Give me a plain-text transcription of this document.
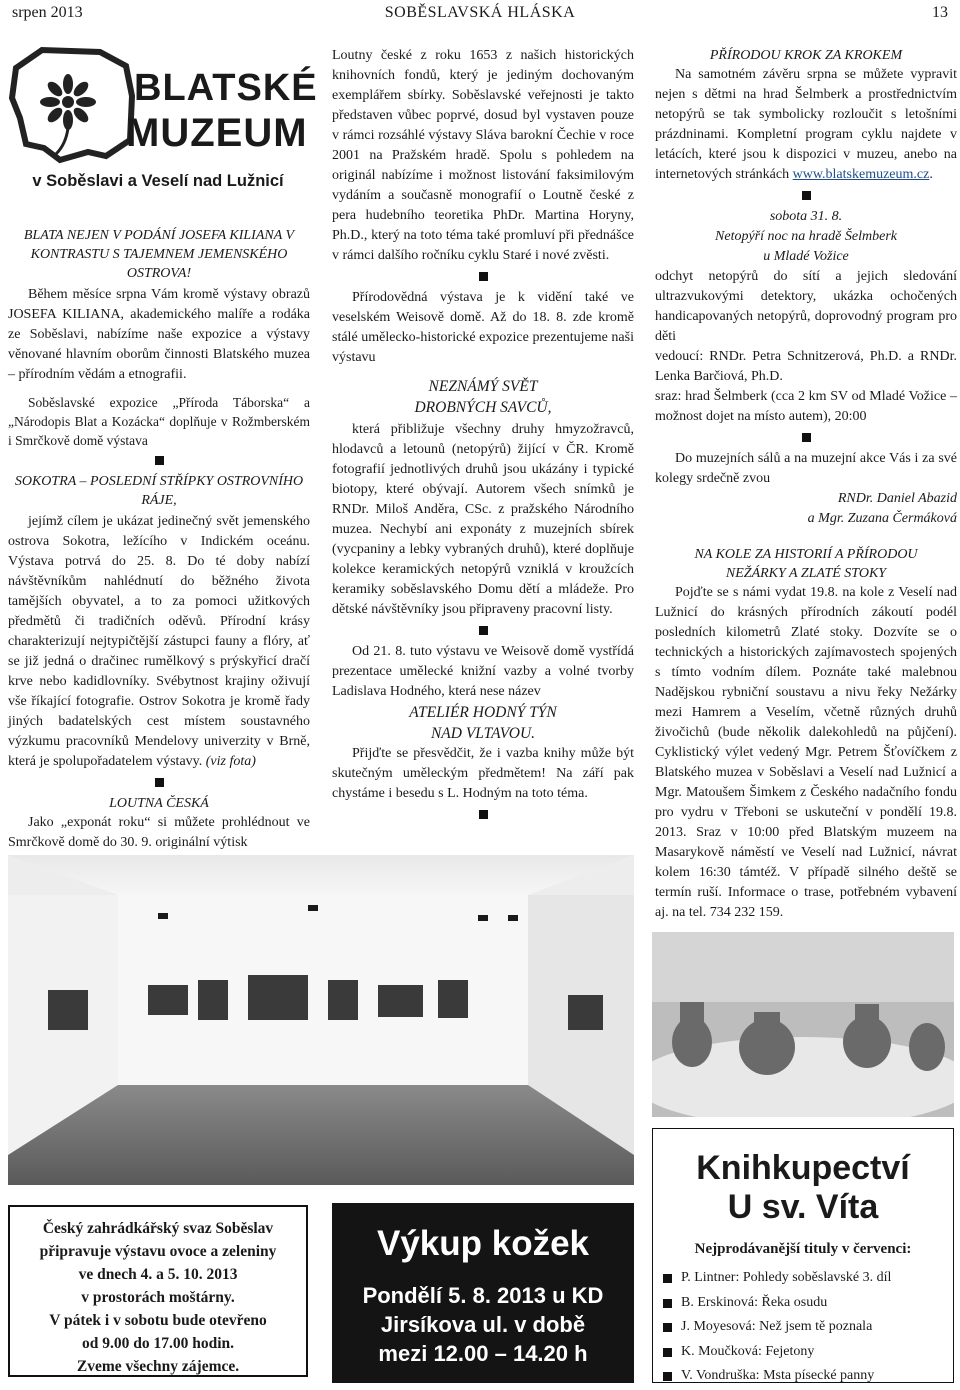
srpen 2013	SOBĚSLAVSKÁ HLÁSKA	13
BLATSKÉ
MUZEUM
v Soběslavi a Veselí nad Lužnicí

BLATA NEJEN V PODÁNÍ JOSEFA KILIANA V KONTRASTU S TAJEMNEM JEMENSKÉHO OSTROVA!

Během měsíce srpna Vám kromě výstavy obrazů JOSEFA KILIANA, akademického malíře a rodáka ze Soběslavi, nabízíme naše expozice a výstavy věnované hlavním oborům činnosti Blatského muzea – přírodním vědám a etnografii.

Soběslavské expozice „Příroda Táborska“ a „Národopis Blat a Kozácka“ doplňuje v Rožmberském i Smrčkově domě výstava

SOKOTRA – POSLEDNÍ STŘÍPKY OSTROVNÍHO RÁJE,

jejímž cílem je ukázat jedinečný svět jemenského ostrova Sokotra, ležícího v Indickém oceánu. Výstava potrvá do 25. 8. Do té doby nabízí návštěvníkům nahlédnutí do běžného života tamějších obyvatel, a to za pomoci užitkových předmětů či tradičních oděvů. Přírodní krásy charakterizují nejtypičtější zástupci fauny a flóry, ať se již jedná o dračinec rumělkový s prýskyřicí dračí krve nebo kadidlovníky. Svébytnost krajiny oživují vše říkající fotografie. Ostrov Sokotra je kromě řady jiných badatelských cest místem soustavného výzkumu pracovníků Mendelovy univerzity v Brně, která je spolupořadatelem výstavy. (viz fota)

LOUTNA ČESKÁ

Jako „exponát roku“ si můžete prohlédnout ve Smrčkově domě do 30. 9. originální výtisk

Loutny české z roku 1653 z našich historických knihovních fondů, který je jediným dochovaným exemplářem sbírky. Soběslavské veřejnosti je takto představen vůbec poprvé, dosud byl vystaven pouze v rámci rozsáhlé výstavy Sláva barokní Čechie v roce 2001 na Pražském hradě. Spolu s pohledem na originál nabízíme i možnost listování faksimilovým vydáním a současně monografií o Loutně české z pera hudebního teoretika PhDr. Martina Horyny, Ph.D., který na toto téma také promluví při přednášce v rámci dalšího ročníku cyklu Staré i nové zvěsti.

Přírodovědná výstava je k vidění také ve veselském Weisově domě. Až do 18. 8. zde kromě stálé umělecko-historické expozice prezentujeme naši výstavu

NEZNÁMÝ SVĚT DROBNÝCH SAVCŮ,

která přibližuje všechny druhy hmyzožravců, hlodavců a letounů (netopýrů) žijící v ČR. Kromě fotografií jednotlivých druhů jsou ukázány i typické biotopy, které obývají. Autorem všech snímků je RNDr. Miloš Anděra, CSc. z pražského Národního muzea. Nechybí ani exponáty z muzejních sbírek (vycpaniny a lebky vybraných druhů), které doplňuje kolekce keramických netopýrů vzniklá v kroužcích keramiky soběslavského Domu dětí a mládeže. Pro dětské návštěvníky jsou připraveny pracovní listy.

Od 21. 8. tuto výstavu ve Weisově domě vystřídá prezentace umělecké knižní vazby a volné tvorby Ladislava Hodného, která nese název

ATELIÉR HODNÝ TÝN NAD VLTAVOU.

Přijďte se přesvědčit, že i vazba knihy může být skutečným uměleckým předmětem! Na září pak chystáme i besedu s L. Hodným na toto téma.

PŘÍRODOU KROK ZA KROKEM

Na samotném závěru srpna se můžete vypravit nejen s dětmi na hrad Šelmberk a prostřednictvím netopýrů se tak symbolicky rozloučit s letošními prázdninami. Kompletní program cyklu najdete v letácích, které jsou k dispozici v muzeu, anebo na internetových stránkách www.blatskemuzeum.cz.

sobota 31. 8.

Netopýří noc na hradě Šelmberk

u Mladé Vožice

odchyt netopýrů do sítí a jejich sledování ultrazvukovými detektory, ukázka ochočených handicapovaných netopýrů, doprovodný program pro děti

vedoucí: RNDr. Petra Schnitzerová, Ph.D. a RNDr. Lenka Barčiová, Ph.D.

sraz: hrad Šelmberk (cca 2 km SV od Mladé Vožice – možnost dojet na místo autem), 20:00

Do muzejních sálů a na muzejní akce Vás i za své kolegy srdečně zvou

RNDr. Daniel Abazid

a Mgr. Zuzana Čermáková

NA KOLE ZA HISTORIÍ A PŘÍRODOU NEŽÁRKY A ZLATÉ STOKY

Pojďte se s námi vydat 19.8. na kole z Veselí nad Lužnicí do krásných přírodních zákoutí podél posledních kilometrů Zlaté stoky. Dozvíte se o technických a historických zajímavostech spojených s tímto vodním dílem. Poznáte také malebnou Nadějskou rybniční soustavu a nivu řeky Nežárky mezi Hamrem a Veselím, včetně různých druhů živočichů (bude několik dalekohledů na půjčení). Cyklistický výlet vedený Mgr. Petrem Šťovíčkem z Blatského muzea v Soběslavi a Veselí nad Lužnicí a Mgr. Matoušem Šimkem z Českého nadačního fondu pro vydru v Třeboni se uskuteční v pondělí 19.8. 2013. Sraz v 10:00 před Blatským muzeem na Masarykově náměstí ve Veselí nad Lužnicí, návrat kolem 16:30 támtéž. V případě silného deště se termín ruší. Informace o trase, potřebném vybavení aj. na tel. 734 232 159.

Český zahrádkářský svaz Soběslav
připravuje výstavu ovoce a zeleniny
ve dnech 4. a 5. 10. 2013
v prostorách moštárny.
V pátek i v sobotu bude otevřeno
od 9.00 do 17.00 hodin.
Zveme všechny zájemce.
Výkup kožek
Pondělí 5. 8. 2013 u KD
Jirsíkova ul. v době
mezi 12.00 – 14.20 h
Knihkupectví
U sv. Víta
Nejprodávanější tituly v červenci:
P. Lintner: Pohledy soběslavské 3. díl
B. Erskinová: Řeka osudu
J. Moyesová: Než jsem tě poznala
K. Moučková: Fejetony
V. Vondruška: Msta písecké panny
